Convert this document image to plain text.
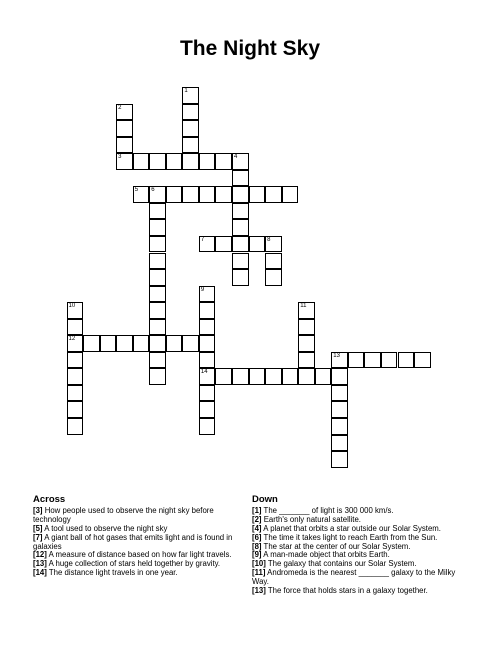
The Night Sky
1
2
3	4
5 6
7	8
9
14
10
12
11
13
Across
[3] How people used to observe the night sky before technology
[5] A tool used to observe the night sky
[7] A giant ball of hot gases that emits light and is found in galaxies
[12] A measure of distance based on how far light travels.
[13] A huge collection of stars held together by gravity.
[14] The distance light travels in one year.
Down
[1] The _______ of light is 300 000 km/s.
[2] Earth's only natural satellite.
[4] A planet that orbits a star outside our Solar System.
[6] The time it takes light to reach Earth from the Sun.
[8] The star at the center of our Solar System.
[9] A man-made object that orbits Earth.
[10] The galaxy that contains our Solar System.
[11] Andromeda is the nearest _______ galaxy to the Milky Way.
[13] The force that holds stars in a galaxy together.
